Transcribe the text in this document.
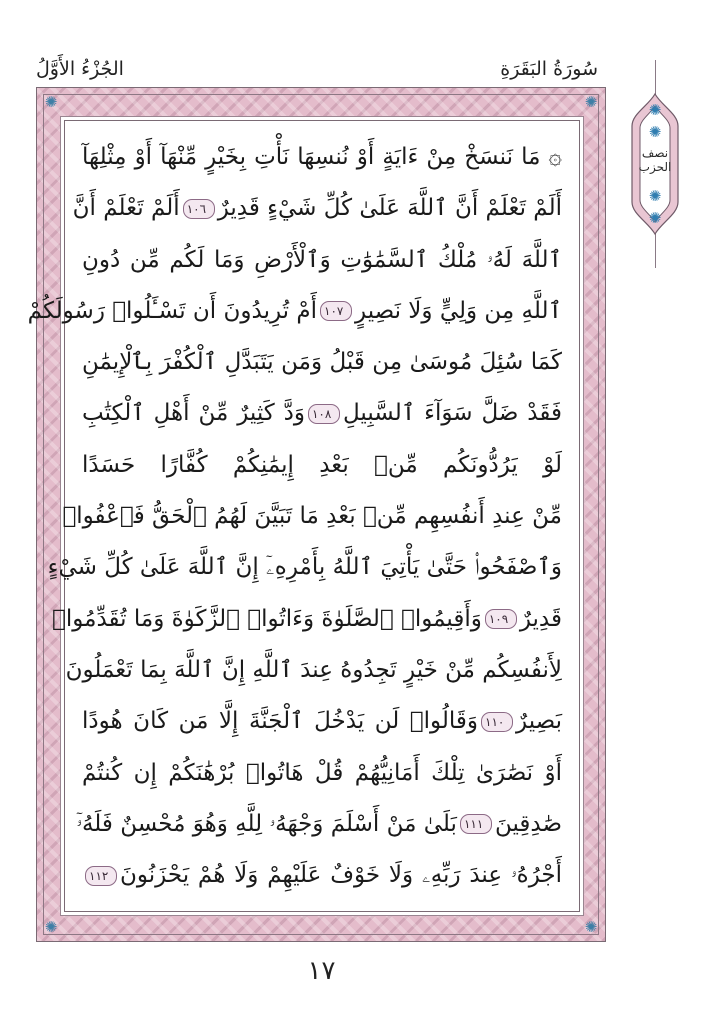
سُورَةُ البَقَرَةِ
الجُزْءُ الأَوَّلُ
✺
✺
نصف الحزب
✺
✺
✺	✺
✺	✺
۞ مَا نَنسَخْ مِنْ ءَايَةٍ أَوْ نُنسِهَا نَأْتِ بِخَيْرٍ مِّنْهَآ أَوْ مِثْلِهَآ
أَلَمْ تَعْلَمْ أَنَّ ٱللَّهَ عَلَىٰ كُلِّ شَيْءٍ قَدِيرٌ١٠٦أَلَمْ تَعْلَمْ أَنَّ
ٱللَّهَ لَهُۥ مُلْكُ ٱلسَّمَٰوَٰتِ وَٱلْأَرْضِ وَمَا لَكُم مِّن دُونِ
ٱللَّهِ مِن وَلِيٍّ وَلَا نَصِيرٍ١٠٧أَمْ تُرِيدُونَ أَن تَسْـَٔلُوا۟ رَسُولَكُمْ
كَمَا سُئِلَ مُوسَىٰ مِن قَبْلُ وَمَن يَتَبَدَّلِ ٱلْكُفْرَ بِٱلْإِيمَٰنِ
فَقَدْ ضَلَّ سَوَآءَ ٱلسَّبِيلِ١٠٨وَدَّ كَثِيرٌ مِّنْ أَهْلِ ٱلْكِتَٰبِ
لَوْ يَرُدُّونَكُم مِّنۢ بَعْدِ إِيمَٰنِكُمْ كُفَّارًا حَسَدًا
مِّنْ عِندِ أَنفُسِهِم مِّنۢ بَعْدِ مَا تَبَيَّنَ لَهُمُ ٱلْحَقُّ فَٱعْفُوا۟
وَٱصْفَحُوا۟ حَتَّىٰ يَأْتِيَ ٱللَّهُ بِأَمْرِهِۦٓ إِنَّ ٱللَّهَ عَلَىٰ كُلِّ شَيْءٍ
قَدِيرٌ١٠٩وَأَقِيمُوا۟ ٱلصَّلَوٰةَ وَءَاتُوا۟ ٱلزَّكَوٰةَ وَمَا تُقَدِّمُوا۟
لِأَنفُسِكُم مِّنْ خَيْرٍ تَجِدُوهُ عِندَ ٱللَّهِ إِنَّ ٱللَّهَ بِمَا تَعْمَلُونَ
بَصِيرٌ١١٠وَقَالُوا۟ لَن يَدْخُلَ ٱلْجَنَّةَ إِلَّا مَن كَانَ هُودًا
أَوْ نَصَٰرَىٰ تِلْكَ أَمَانِيُّهُمْ قُلْ هَاتُوا۟ بُرْهَٰنَكُمْ إِن كُنتُمْ
صَٰدِقِينَ١١١بَلَىٰ مَنْ أَسْلَمَ وَجْهَهُۥ لِلَّهِ وَهُوَ مُحْسِنٌ فَلَهُۥٓ
أَجْرُهُۥ عِندَ رَبِّهِۦ وَلَا خَوْفٌ عَلَيْهِمْ وَلَا هُمْ يَحْزَنُونَ١١٢
١٧
